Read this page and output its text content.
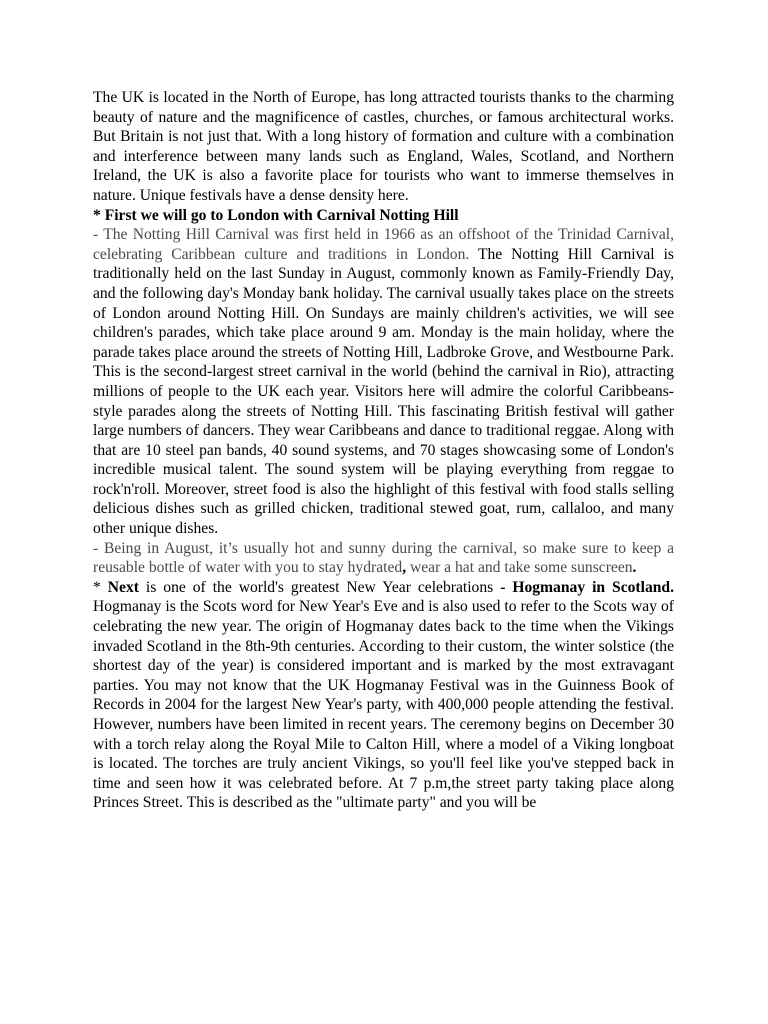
The UK is located in the North of Europe, has long attracted tourists thanks to the charming beauty of nature and the magnificence of castles, churches, or famous architectural works. But Britain is not just that. With a long history of formation and culture with a combination and interference between many lands such as England, Wales, Scotland, and Northern Ireland, the UK is also a favorite place for tourists who want to immerse themselves in nature. Unique festivals have a dense density here.

* First we will go to London with Carnival Notting Hill

- The Notting Hill Carnival was first held in 1966 as an offshoot of the Trinidad Carnival, celebrating Caribbean culture and traditions in London. The Notting Hill Carnival is traditionally held on the last Sunday in August, commonly known as Family-Friendly Day, and the following day's Monday bank holiday. The carnival usually takes place on the streets of London around Notting Hill. On Sundays are mainly children's activities, we will see children's parades, which take place around 9 am. Monday is the main holiday, where the parade takes place around the streets of Notting Hill, Ladbroke Grove, and Westbourne Park. This is the second-largest street carnival in the world (behind the carnival in Rio), attracting millions of people to the UK each year. Visitors here will admire the colorful Caribbeans-style parades along the streets of Notting Hill. This fascinating British festival will gather large numbers of dancers. They wear Caribbeans and dance to traditional reggae. Along with that are 10 steel pan bands, 40 sound systems, and 70 stages showcasing some of London's incredible musical talent. The sound system will be playing everything from reggae to rock'n'roll. Moreover, street food is also the highlight of this festival with food stalls selling delicious dishes such as grilled chicken, traditional stewed goat, rum, callaloo, and many other unique dishes.

- Being in August, it’s usually hot and sunny during the carnival, so make sure to keep a reusable bottle of water with you to stay hydrated, wear a hat and take some sunscreen.

* Next is one of the world's greatest New Year celebrations - Hogmanay in Scotland. Hogmanay is the Scots word for New Year's Eve and is also used to refer to the Scots way of celebrating the new year. The origin of Hogmanay dates back to the time when the Vikings invaded Scotland in the 8th-9th centuries. According to their custom, the winter solstice (the shortest day of the year) is considered important and is marked by the most extravagant parties. You may not know that the UK Hogmanay Festival was in the Guinness Book of Records in 2004 for the largest New Year's party, with 400,000 people attending the festival. However, numbers have been limited in recent years. The ceremony begins on December 30 with a torch relay along the Royal Mile to Calton Hill, where a model of a Viking longboat is located. The torches are truly ancient Vikings, so you'll feel like you've stepped back in time and seen how it was celebrated before. At 7 p.m,the street party taking place along Princes Street. This is described as the "ultimate party" and you will be
